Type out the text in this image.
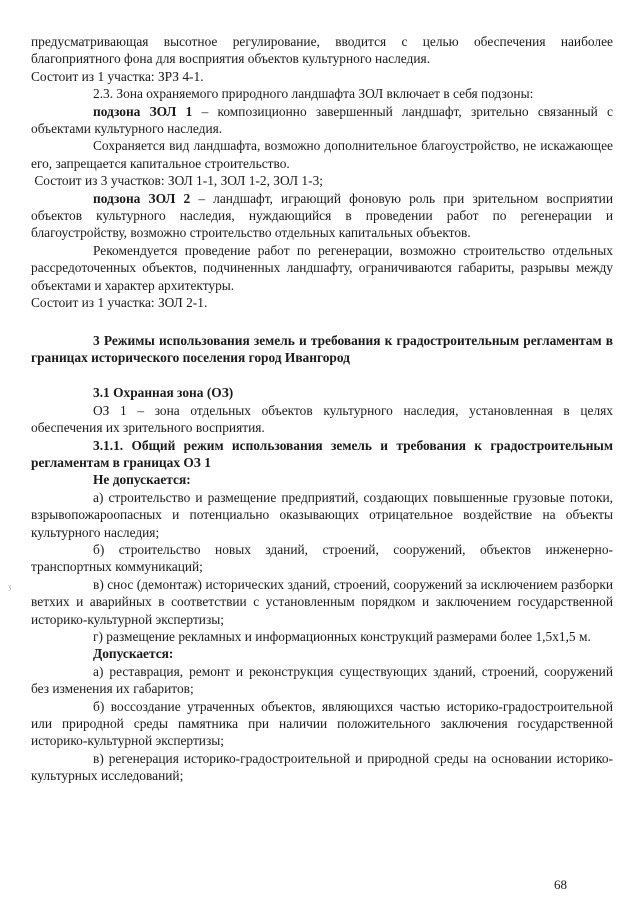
ʒ

предусматривающая высотное регулирование, вводится с целью обеспечения наиболее благоприятного фона для восприятия объектов культурного наследия.

Состоит из 1 участка: ЗРЗ 4-1.

2.3. Зона охраняемого природного ландшафта ЗОЛ включает в себя подзоны:

подзона ЗОЛ 1 – композиционно завершенный ландшафт, зрительно связанный с объектами культурного наследия.

Сохраняется вид ландшафта, возможно дополнительное благоустройство, не искажающее его, запрещается капитальное строительство.

Состоит из 3 участков: ЗОЛ 1-1, ЗОЛ 1-2, ЗОЛ 1-3;

подзона ЗОЛ 2 – ландшафт, играющий фоновую роль при зрительном восприятии объектов культурного наследия, нуждающийся в проведении работ по регенерации и благоустройству, возможно строительство отдельных капитальных объектов.

Рекомендуется проведение работ по регенерации, возможно строительство отдельных рассредоточенных объектов, подчиненных ландшафту, ограничиваются габариты, разрывы между объектами и характер архитектуры.

Состоит из 1 участка: ЗОЛ 2-1.

3 Режимы использования земель и требования к градостроительным регламентам в границах исторического поселения город Ивангород

3.1 Охранная зона (ОЗ)

ОЗ 1 – зона отдельных объектов культурного наследия, установленная в целях обеспечения их зрительного восприятия.

3.1.1. Общий режим использования земель и требования к градостроительным регламентам в границах ОЗ 1

Не допускается:

а) строительство и размещение предприятий, создающих повышенные грузовые потоки, взрывопожароопасных и потенциально оказывающих отрицательное воздействие на объекты культурного наследия;

б) строительство новых зданий, строений, сооружений, объектов инженерно-транспортных коммуникаций;

в) снос (демонтаж) исторических зданий, строений, сооружений за исключением разборки ветхих и аварийных в соответствии с установленным порядком и заключением государственной историко-культурной экспертизы;

г) размещение рекламных и информационных конструкций размерами более 1,5х1,5 м.

Допускается:

а) реставрация, ремонт и реконструкция существующих зданий, строений, сооружений без изменения их габаритов;

б) воссоздание утраченных объектов, являющихся частью историко-градостроительной или природной среды памятника при наличии положительного заключения государственной историко-культурной экспертизы;

в) регенерация историко-градостроительной и природной среды на основании историко-культурных исследований;

68
